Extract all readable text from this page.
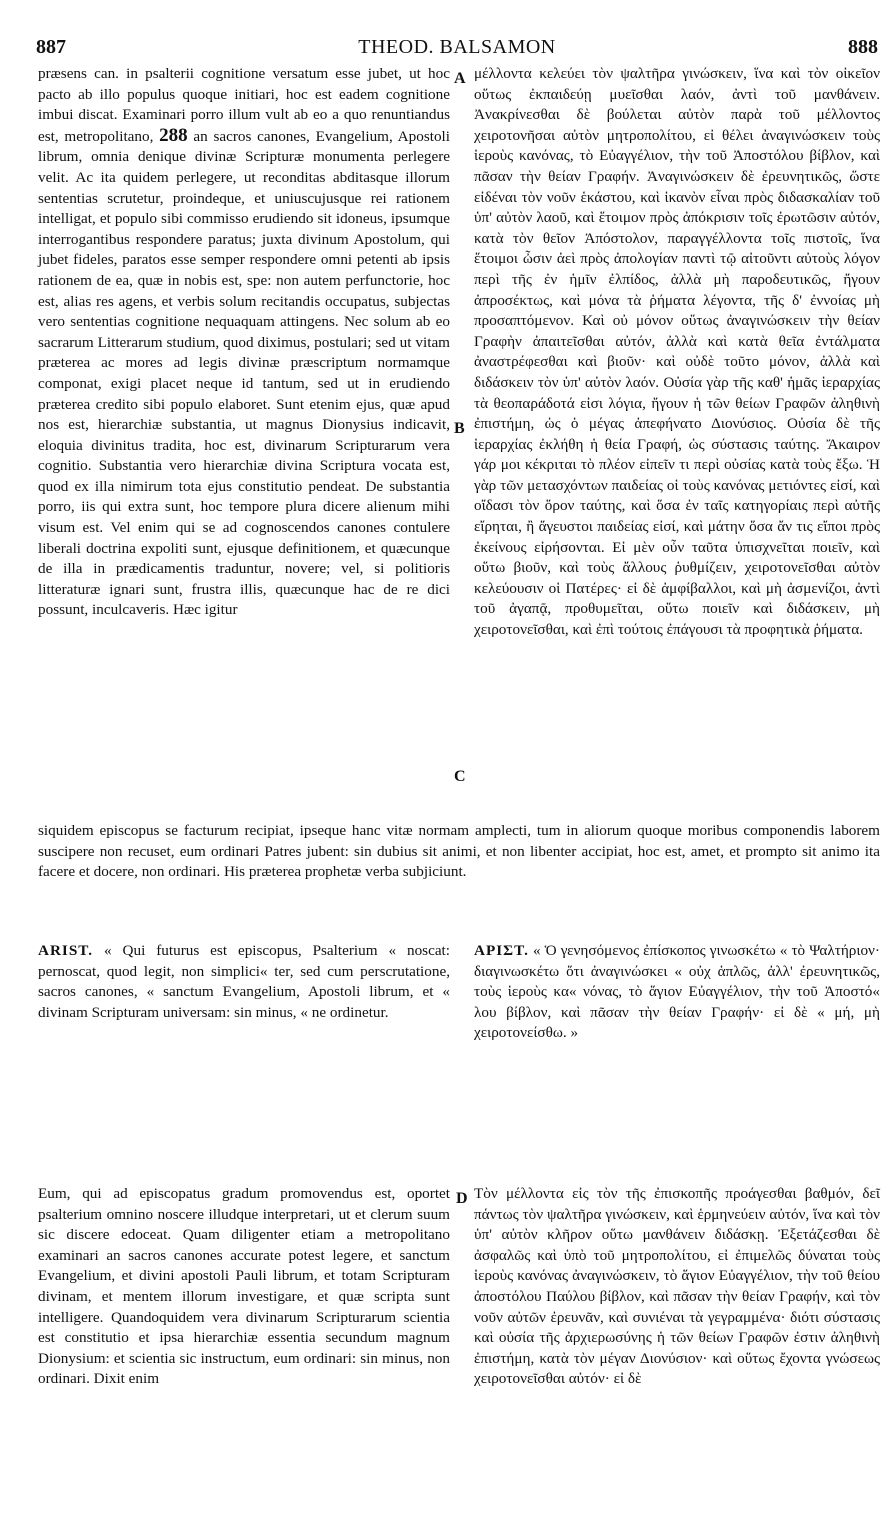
887	THEOD. BALSAMON	888
A
B
C
D

præsens can. in psalterii cognitione versatum esse jubet, ut hoc pacto ab illo populus quoque initiari, hoc est eadem cognitione imbui discat. Examinari porro illum vult ab eo a quo renuntiandus est, metropolitano, 288 an sacros canones, Evangelium, Apostoli librum, omnia denique divinæ Scripturæ monumenta perlegere velit. Ac ita quidem perlegere, ut reconditas abditasque illorum sententias scrutetur, proindeque, et uniuscujusque rei rationem intelligat, et populo sibi commisso erudiendo sit idoneus, ipsumque interrogantibus respondere paratus; juxta divinum Apostolum, qui jubet fideles, paratos esse semper respondere omni petenti ab ipsis rationem de ea, quæ in nobis est, spe: non autem perfunctorie, hoc est, alias res agens, et verbis solum recitandis occupatus, subjectas vero sententias cognitione nequaquam attingens. Nec solum ab eo sacrarum Litterarum studium, quod diximus, postulari; sed ut vitam præterea ac mores ad legis divinæ præscriptum normamque componat, exigi placet neque id tantum, sed ut in erudiendo præterea credito sibi populo elaboret. Sunt etenim ejus, quæ apud nos est, hierarchiæ substantia, ut magnus Dionysius indicavit, eloquia divinitus tradita, hoc est, divinarum Scripturarum vera cognitio. Substantia vero hierarchiæ divina Scriptura vocata est, quod ex illa nimirum tota ejus constitutio pendeat. De substantia porro, iis qui extra sunt, hoc tempore plura dicere alienum mihi visum est. Vel enim qui se ad cognoscendos canones contulere liberali doctrina expoliti sunt, ejusque definitionem, et quæcunque de illa in prædicamentis traduntur, novere; vel, si politioris litteraturæ ignari sunt, frustra illis, quæcunque hac de re dici possunt, inculcaveris. Hæc igitur

μέλλοντα κελεύει τὸν ψαλτῆρα γινώσκειν, ἵνα καὶ τὸν οἰκεῖον οὕτως ἐκπαιδεύῃ μυεῖσθαι λαόν, ἀντὶ τοῦ μανθάνειν. Ἀνακρίνεσθαι δὲ βούλεται αὐτὸν παρὰ τοῦ μέλλοντος χειροτονῆσαι αὐτὸν μητροπολίτου, εἰ θέλει ἀναγινώσκειν τοὺς ἱεροὺς κανόνας, τὸ Εὐαγγέλιον, τὴν τοῦ Ἀποστόλου βίβλον, καὶ πᾶσαν τὴν θείαν Γραφήν. Ἀναγινώσκειν δὲ ἐρευνητικῶς, ὥστε εἰδέναι τὸν νοῦν ἑκάστου, καὶ ἱκανὸν εἶναι πρὸς διδασκαλίαν τοῦ ὑπ' αὐτὸν λαοῦ, καὶ ἕτοιμον πρὸς ἀπόκρισιν τοῖς ἐρωτῶσιν αὐτόν, κατὰ τὸν θεῖον Ἀπόστολον, παραγγέλλοντα τοῖς πιστοῖς, ἵνα ἕτοιμοι ὦσιν ἀεὶ πρὸς ἀπολογίαν παντὶ τῷ αἰτοῦντι αὐτοὺς λόγον περὶ τῆς ἐν ἡμῖν ἐλπίδος, ἀλλὰ μὴ παροδευτικῶς, ἤγουν ἀπροσέκτως, καὶ μόνα τὰ ῥήματα λέγοντα, τῆς δ' ἐννοίας μὴ προσαπτόμενον. Καὶ οὐ μόνον οὕτως ἀναγινώσκειν τὴν θείαν Γραφὴν ἀπαιτεῖσθαι αὐτόν, ἀλλὰ καὶ κατὰ θεῖα ἐντάλματα ἀναστρέφεσθαι καὶ βιοῦν· καὶ οὐδὲ τοῦτο μόνον, ἀλλὰ καὶ διδάσκειν τὸν ὑπ' αὐτὸν λαόν. Οὐσία γὰρ τῆς καθ' ἡμᾶς ἱεραρχίας τὰ θεοπαράδοτά εἰσι λόγια, ἤγουν ἡ τῶν θείων Γραφῶν ἀληθινὴ ἐπιστήμη, ὡς ὁ μέγας ἀπεφήνατο Διονύσιος. Οὐσία δὲ τῆς ἱεραρχίας ἐκλήθη ἡ θεία Γραφή, ὡς σύστασις ταύτης. Ἄκαιρον γάρ μοι κέκριται τὸ πλέον εἰπεῖν τι περὶ οὐσίας κατὰ τοὺς ἔξω. Ἡ γὰρ τῶν μετασχόντων παιδείας οἱ τοὺς κανόνας μετιόντες εἰσί, καὶ οἴδασι τὸν ὅρον ταύτης, καὶ ὅσα ἐν ταῖς κατηγορίαις περὶ αὐτῆς εἴρηται, ἢ ἄγευστοι παιδείας εἰσί, καὶ μάτην ὅσα ἄν τις εἴποι πρὸς ἐκείνους εἰρήσονται. Εἰ μὲν οὖν ταῦτα ὑπισχνεῖται ποιεῖν, καὶ οὕτω βιοῦν, καὶ τοὺς ἄλλους ῥυθμίζειν, χειροτονεῖσθαι αὐτὸν κελεύουσιν οἱ Πατέρες· εἰ δὲ ἀμφίβαλλοι, καὶ μὴ ἀσμενίζοι, ἀντὶ τοῦ ἀγαπᾷ, προθυμεῖται, οὕτω ποιεῖν καὶ διδάσκειν, μὴ χειροτονεῖσθαι, καὶ ἐπὶ τούτοις ἐπάγουσι τὰ προφητικὰ ῥήματα.

siquidem episcopus se facturum recipiat, ipseque hanc vitæ normam amplecti, tum in aliorum quoque moribus componendis laborem suscipere non recuset, eum ordinari Patres jubent: sin dubius sit animi, et non libenter accipiat, hoc est, amet, et prompto sit animo ita facere et docere, non ordinari. His præterea prophetæ verba subjiciunt.

ARIST. « Qui futurus est episcopus, Psalterium « noscat: pernoscat, quod legit, non simplici« ter, sed cum perscrutatione, sacros canones, « sanctum Evangelium, Apostoli librum, et « divinam Scripturam universam: sin minus, « ne ordinetur.

ΑΡΙΣΤ. « Ὁ γενησόμενος ἐπίσκοπος γινωσκέτω « τὸ Ψαλτήριον· διαγινωσκέτω ὅτι ἀναγινώσκει « οὐχ ἁπλῶς, ἀλλ' ἐρευνητικῶς, τοὺς ἱεροὺς κα« νόνας, τὸ ἅγιον Εὐαγγέλιον, τὴν τοῦ Ἀποστό« λου βίβλον, καὶ πᾶσαν τὴν θείαν Γραφήν· εἰ δὲ « μή, μὴ χειροτονείσθω. »

Eum, qui ad episcopatus gradum promovendus est, oportet psalterium omnino noscere illudque interpretari, ut et clerum suum sic discere edoceat. Quam diligenter etiam a metropolitano examinari an sacros canones accurate potest legere, et sanctum Evangelium, et divini apostoli Pauli librum, et totam Scripturam divinam, et mentem illorum investigare, et quæ scripta sunt intelligere. Quandoquidem vera divinarum Scripturarum scientia est constitutio et ipsa hierarchiæ essentia secundum magnum Dionysium: et scientia sic instructum, eum ordinari: sin minus, non ordinari. Dixit enim

Τὸν μέλλοντα εἰς τὸν τῆς ἐπισκοπῆς προάγεσθαι βαθμόν, δεῖ πάντως τὸν ψαλτῆρα γινώσκειν, καὶ ἑρμηνεύειν αὐτόν, ἵνα καὶ τὸν ὑπ' αὐτὸν κλῆρον οὕτω μανθάνειν διδάσκῃ. Ἐξετάζεσθαι δὲ ἀσφαλῶς καὶ ὑπὸ τοῦ μητροπολίτου, εἰ ἐπιμελῶς δύναται τοὺς ἱεροὺς κανόνας ἀναγινώσκειν, τὸ ἅγιον Εὐαγγέλιον, τὴν τοῦ θείου ἀποστόλου Παύλου βίβλον, καὶ πᾶσαν τὴν θείαν Γραφήν, καὶ τὸν νοῦν αὐτῶν ἐρευνᾶν, καὶ συνιέναι τὰ γεγραμμένα· διότι σύστασις καὶ οὐσία τῆς ἀρχιερωσύνης ἡ τῶν θείων Γραφῶν ἐστιν ἀληθινὴ ἐπιστήμη, κατὰ τὸν μέγαν Διονύσιον· καὶ οὕτως ἔχοντα γνώσεως χειροτονεῖσθαι αὐτόν· εἰ δὲ
